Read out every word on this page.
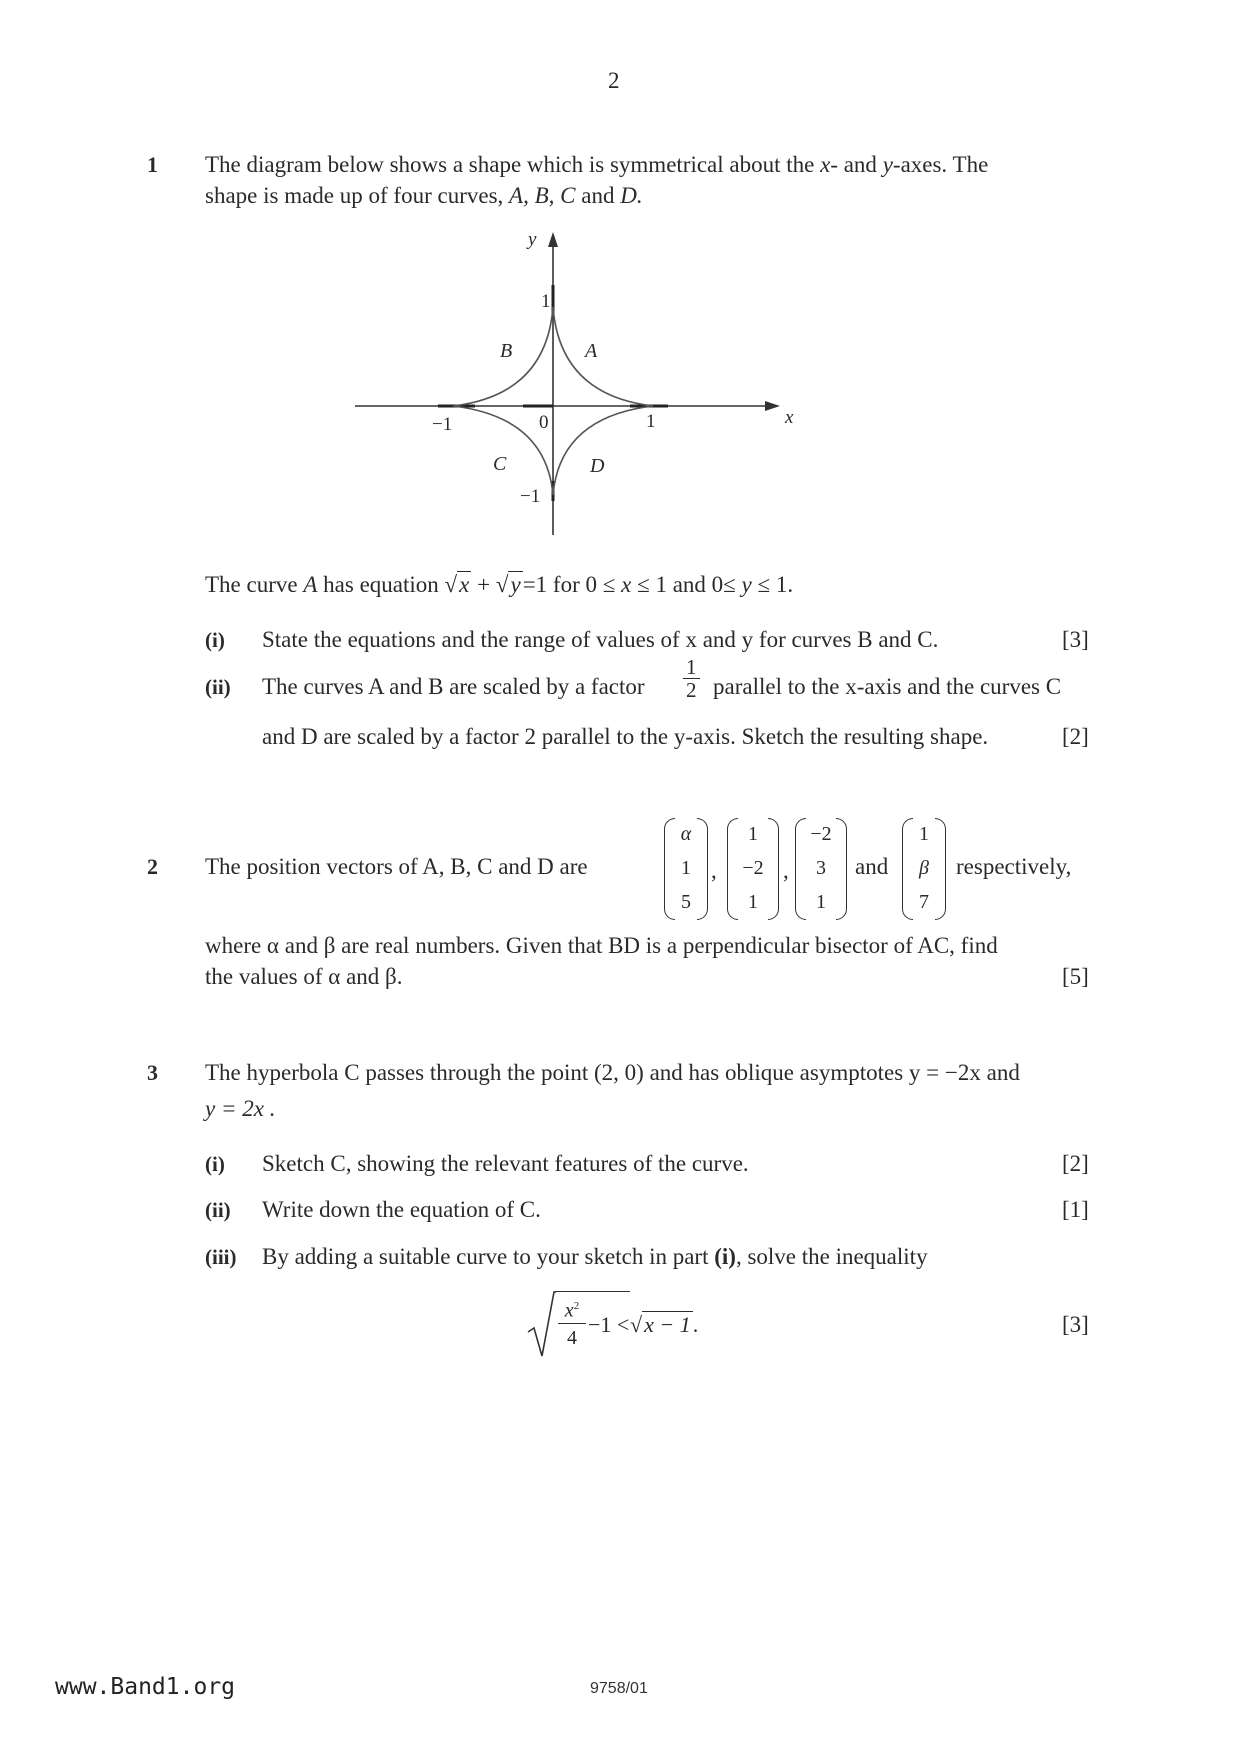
2
1 The diagram below shows a shape which is symmetrical about the x- and y-axes. The
shape is made up of four curves, A, B, C and D.
y
x
1
−1
1
−1	0
A
B
C	D
The curve A has equation √x + √y=1 for 0 ≤ x ≤ 1 and 0≤ y ≤ 1.
(i) State the equations and the range of values of x and y for curves B and C.	[3]
(ii) The curves A and B are scaled by a factor $\frac{1}{2}$ parallel to the x-axis and the curves C
and D are scaled by a factor 2 parallel to the y-axis. Sketch the resulting shape.	[2]
2 The position vectors of A, B, C and D are
α
1
5
,
1
−2
1
,
−2
3
1
and
1
β
7
respectively,
where α and β are real numbers. Given that BD is a perpendicular bisector of AC, find
the values of α and β.	[5]
3 The hyperbola C passes through the point (2, 0) and has oblique asymptotes y = −2x and
y = 2x .
(i) Sketch C, showing the relevant features of the curve.	[2]
(ii) Write down the equation of C.	[1]
(iii) By adding a suitable curve to your sketch in part (i), solve the inequality
$x^2$
4
−1 < √x − 1.	[3]
www.Band1.org	9758/01
